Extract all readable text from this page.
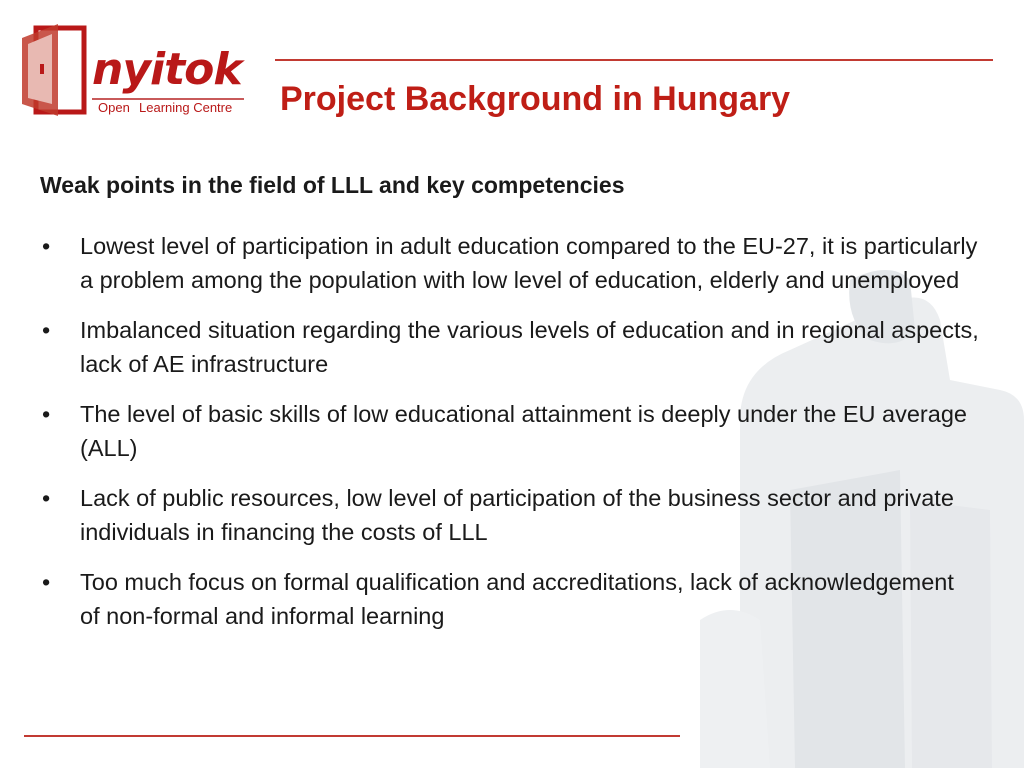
nyitok
Open Learning Centre Project Background in Hungary
Weak points in the field of LLL and key competencies
• Lowest level of participation in adult education compared to the EU-27, it is particularly a problem among the population with low level of education, elderly and unemployed
• Imbalanced situation regarding the various levels of education and in regional aspects, lack of AE infrastructure
• The level of basic skills of low educational attainment is deeply under the EU average (ALL)
• Lack of public resources, low level of participation of the business sector and private individuals in financing the costs of LLL
• Too much focus on formal qualification and accreditations, lack of acknowledgement of non-formal and informal learning
